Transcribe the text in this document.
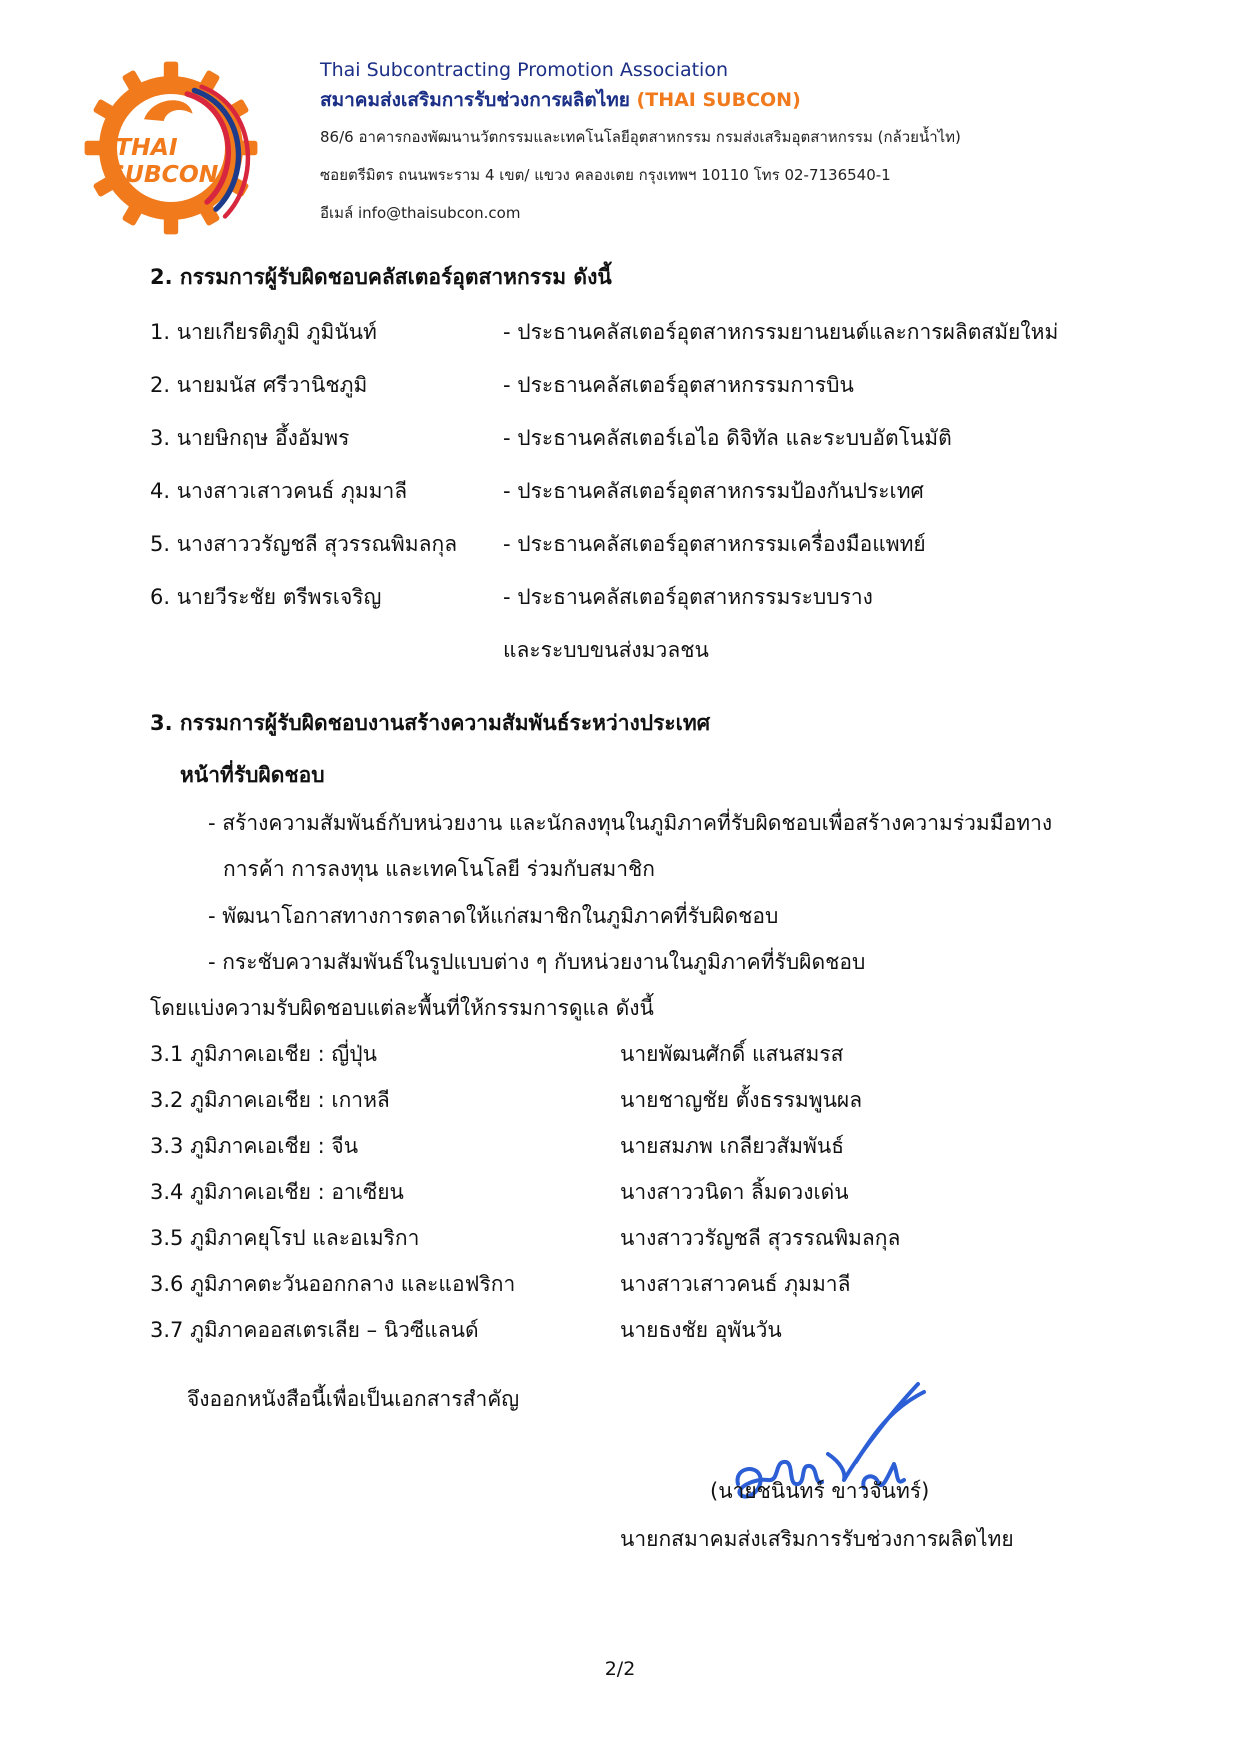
THAI
SUBCON
Thai Subcontracting Promotion Association
สมาคมส่งเสริมการรับช่วงการผลิตไทย (THAI SUBCON)
86/6 อาคารกองพัฒนานวัตกรรมและเทคโนโลยีอุตสาหกรรม กรมส่งเสริมอุตสาหกรรม (กล้วยน้ำไท)
ซอยตรีมิตร ถนนพระราม 4 เขต/ แขวง คลองเตย กรุงเทพฯ 10110 โทร 02-7136540-1
อีเมล์ info@thaisubcon.com
2. กรรมการผู้รับผิดชอบคลัสเตอร์อุตสาหกรรม ดังนี้
1. นายเกียรติภูมิ ภูมินันท์	- ประธานคลัสเตอร์อุตสาหกรรมยานยนต์และการผลิตสมัยใหม่
2. นายมนัส ศรีวานิชภูมิ	- ประธานคลัสเตอร์อุตสาหกรรมการบิน
3. นายษิกฤษ อึ้งอัมพร	- ประธานคลัสเตอร์เอไอ ดิจิทัล และระบบอัตโนมัติ
4. นางสาวเสาวคนธ์ ภุมมาลี	- ประธานคลัสเตอร์อุตสาหกรรมป้องกันประเทศ
5. นางสาววรัญชลี สุวรรณพิมลกุล - ประธานคลัสเตอร์อุตสาหกรรมเครื่องมือแพทย์
6. นายวีระชัย ตรีพรเจริญ	- ประธานคลัสเตอร์อุตสาหกรรมระบบราง
และระบบขนส่งมวลชน
3. กรรมการผู้รับผิดชอบงานสร้างความสัมพันธ์ระหว่างประเทศ
หน้าที่รับผิดชอบ
- สร้างความสัมพันธ์กับหน่วยงาน และนักลงทุนในภูมิภาคที่รับผิดชอบเพื่อสร้างความร่วมมือทาง
การค้า การลงทุน และเทคโนโลยี ร่วมกับสมาชิก
- พัฒนาโอกาสทางการตลาดให้แก่สมาชิกในภูมิภาคที่รับผิดชอบ
- กระชับความสัมพันธ์ในรูปแบบต่าง ๆ กับหน่วยงานในภูมิภาคที่รับผิดชอบ
โดยแบ่งความรับผิดชอบแต่ละพื้นที่ให้กรรมการดูแล ดังนี้
3.1 ภูมิภาคเอเชีย : ญี่ปุ่น	นายพัฒนศักดิ์ แสนสมรส
3.2 ภูมิภาคเอเชีย : เกาหลี	นายชาญชัย ตั้งธรรมพูนผล
3.3 ภูมิภาคเอเชีย : จีน	นายสมภพ เกลียวสัมพันธ์
3.4 ภูมิภาคเอเชีย : อาเซียน	นางสาววนิดา ลิ้มดวงเด่น
3.5 ภูมิภาคยุโรป และอเมริกา	นางสาววรัญชลี สุวรรณพิมลกุล
3.6 ภูมิภาคตะวันออกกลาง และแอฟริกา	นางสาวเสาวคนธ์ ภุมมาลี
3.7 ภูมิภาคออสเตรเลีย – นิวซีแลนด์	นายธงชัย อุพันวัน
จึงออกหนังสือนี้เพื่อเป็นเอกสารสำคัญ
(นายชนินทร์ ขาวจันทร์)
นายกสมาคมส่งเสริมการรับช่วงการผลิตไทย
2/2
